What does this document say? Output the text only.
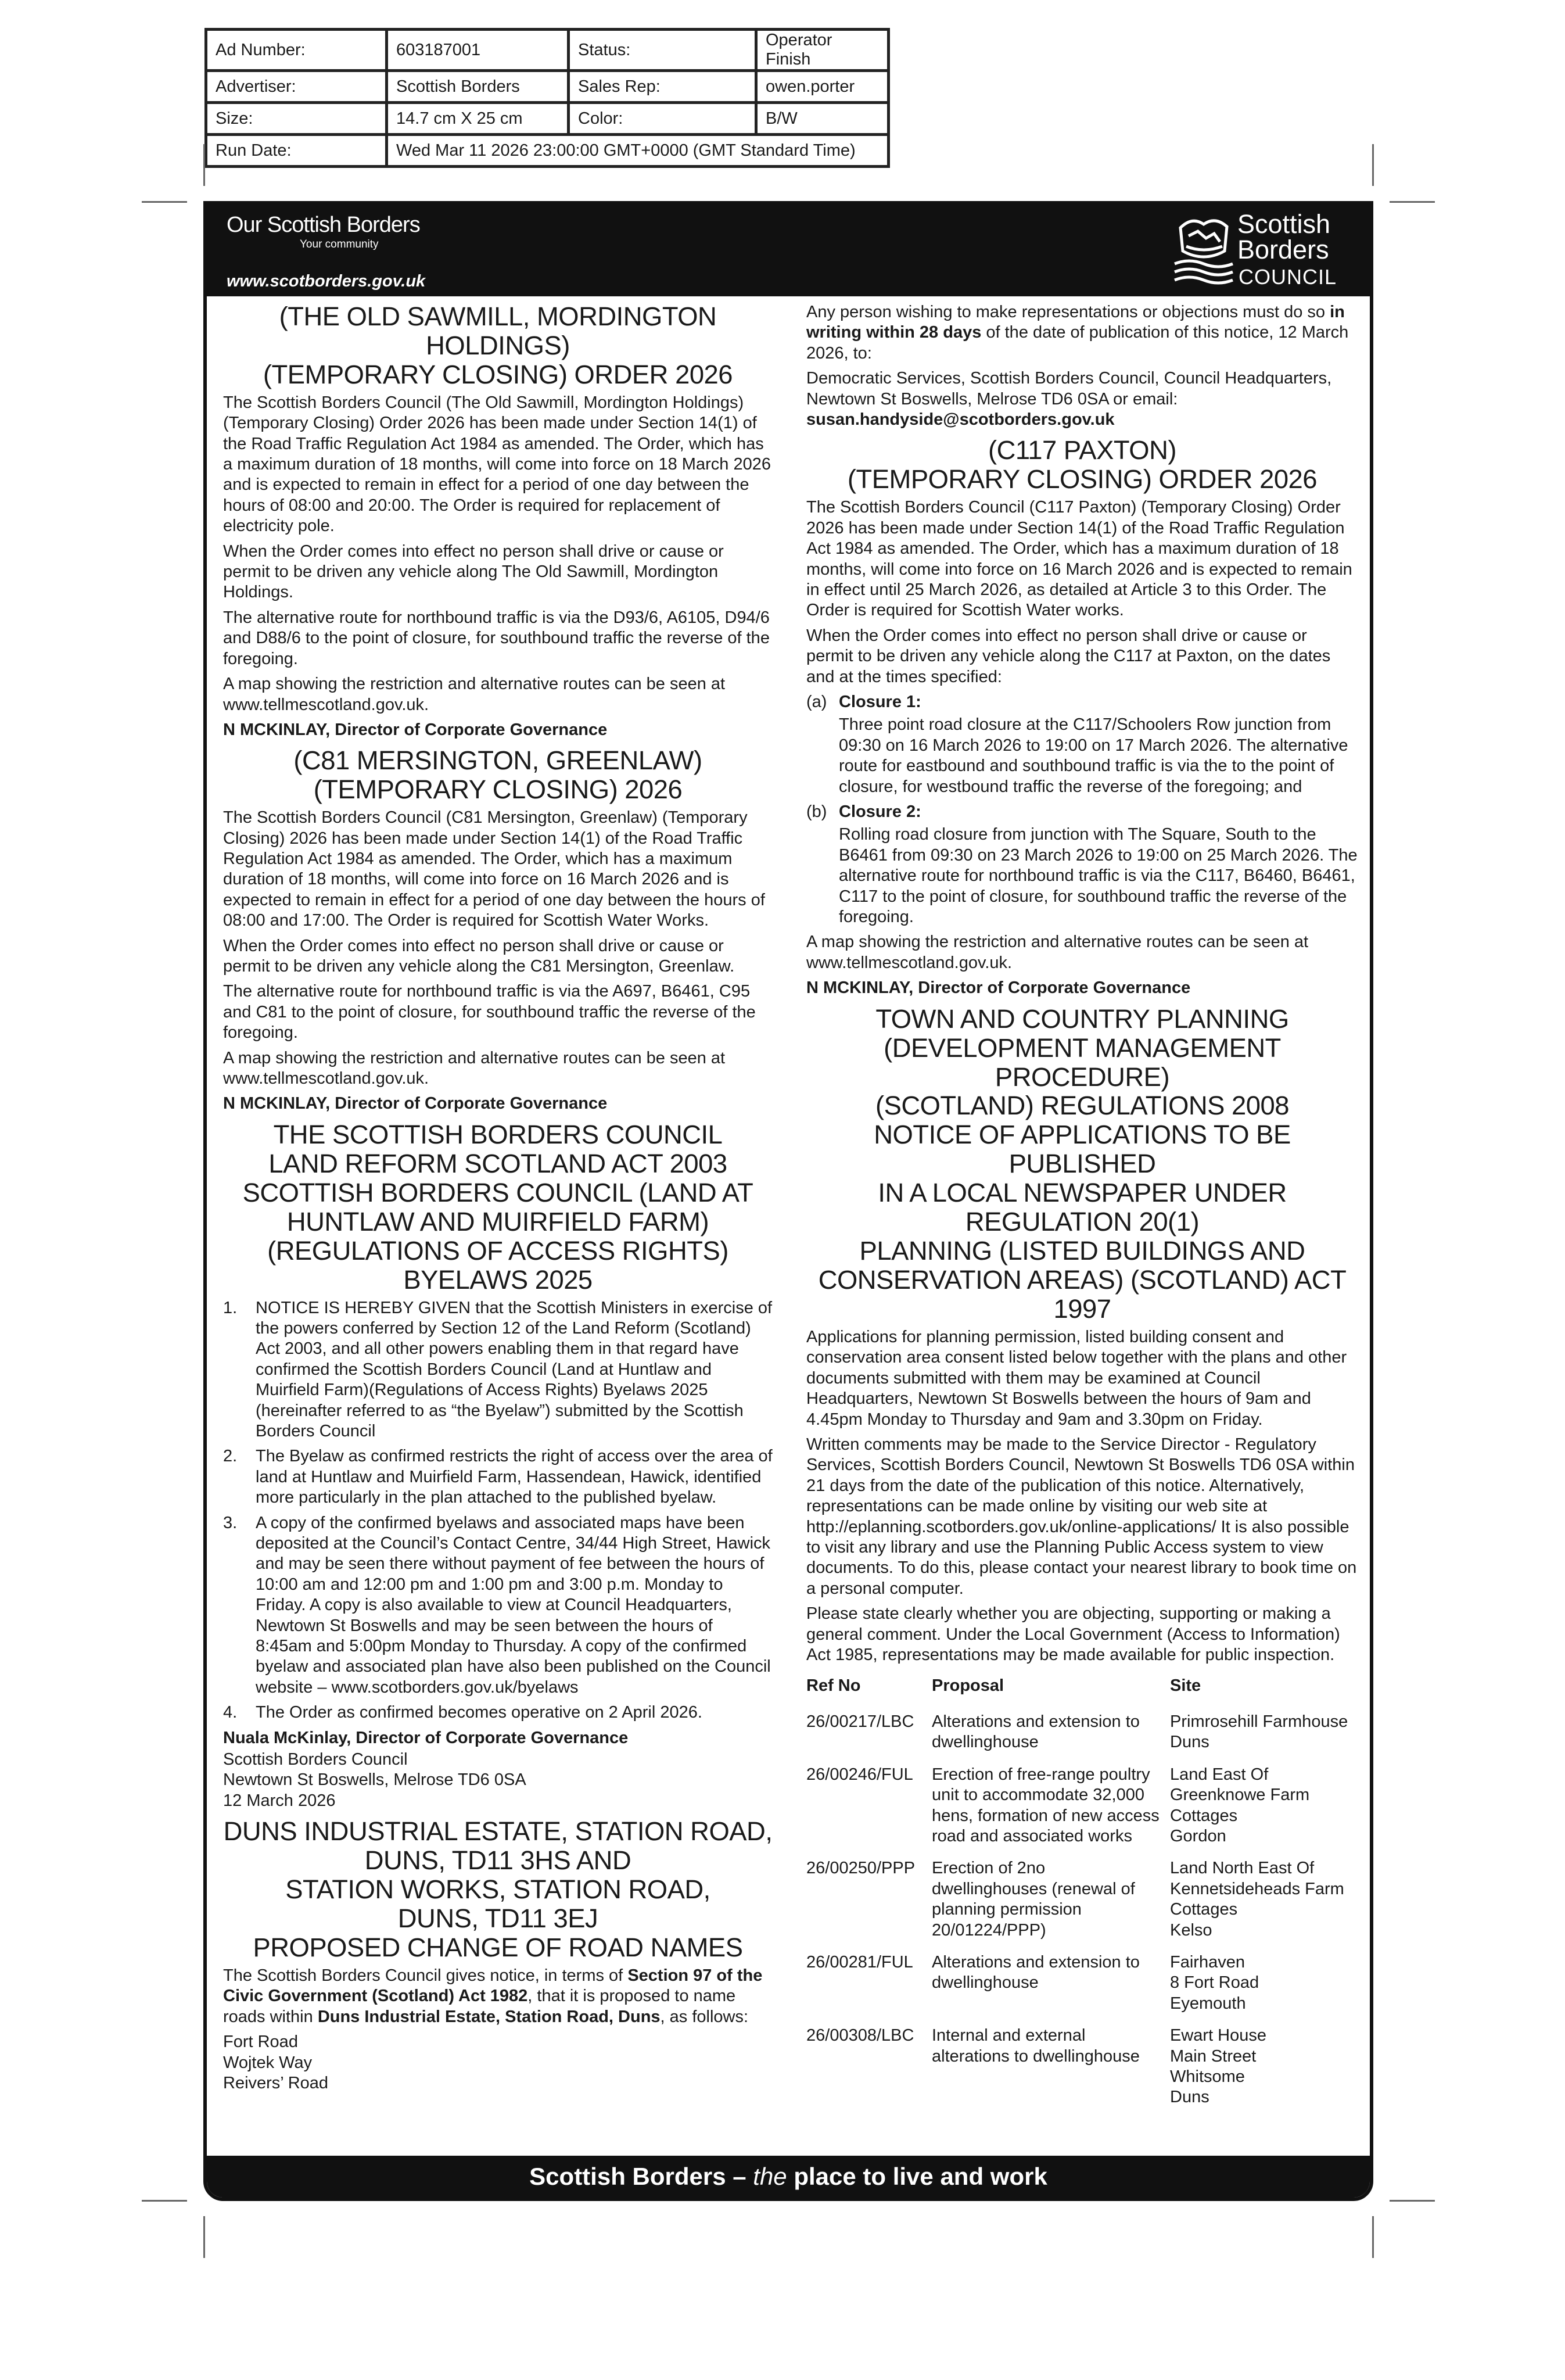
Ad Number:	603187001	Status:	Operator Finish
Advertiser:	Scottish Borders	Sales Rep:	owen.porter
Size:	14.7 cm X 25 cm	Color:	B/W
Run Date:	Wed Mar 11 2026 23:00:00 GMT+0000 (GMT Standard Time)		
Our Scottish Borders
Your community
www.scotborders.gov.uk
Scottish
Borders
COUNCIL
(THE OLD SAWMILL, MORDINGTON HOLDINGS)
(TEMPORARY CLOSING) ORDER 2026

The Scottish Borders Council (The Old Sawmill, Mordington Holdings) (Temporary Closing) Order 2026 has been made under Section 14(1) of the Road Traffic Regulation Act 1984 as amended. The Order, which has a maximum duration of 18 months, will come into force on 18 March 2026 and is expected to remain in effect for a period of one day between the hours of 08:00 and 20:00. The Order is required for replacement of electricity pole.

When the Order comes into effect no person shall drive or cause or permit to be driven any vehicle along The Old Sawmill, Mordington Holdings.

The alternative route for northbound traffic is via the D93/6, A6105, D94/6 and D88/6 to the point of closure, for southbound traffic the reverse of the foregoing.

A map showing the restriction and alternative routes can be seen at www.tellmescotland.gov.uk.

N MCKINLAY, Director of Corporate Governance

(C81 MERSINGTON, GREENLAW)
(TEMPORARY CLOSING) 2026

The Scottish Borders Council (C81 Mersington, Greenlaw) (Temporary Closing) 2026 has been made under Section 14(1) of the Road Traffic Regulation Act 1984 as amended. The Order, which has a maximum duration of 18 months, will come into force on 16 March 2026 and is expected to remain in effect for a period of one day between the hours of 08:00 and 17:00. The Order is required for Scottish Water Works.

When the Order comes into effect no person shall drive or cause or permit to be driven any vehicle along the C81 Mersington, Greenlaw.

The alternative route for northbound traffic is via the A697, B6461, C95 and C81 to the point of closure, for southbound traffic the reverse of the foregoing.

A map showing the restriction and alternative routes can be seen at www.tellmescotland.gov.uk.

N MCKINLAY, Director of Corporate Governance

THE SCOTTISH BORDERS COUNCIL
LAND REFORM SCOTLAND ACT 2003
SCOTTISH BORDERS COUNCIL (LAND AT
HUNTLAW AND MUIRFIELD FARM)
(REGULATIONS OF ACCESS RIGHTS)
BYELAWS 2025
1. NOTICE IS HEREBY GIVEN that the Scottish Ministers in exercise of the powers conferred by Section 12 of the Land Reform (Scotland) Act 2003, and all other powers enabling them in that regard have confirmed the Scottish Borders Council (Land at Huntlaw and Muirfield Farm)(Regulations of Access Rights) Byelaws 2025 (hereinafter referred to as “the Byelaw”) submitted by the Scottish Borders Council
2. The Byelaw as confirmed restricts the right of access over the area of land at Huntlaw and Muirfield Farm, Hassendean, Hawick, identified more particularly in the plan attached to the published byelaw.
3. A copy of the confirmed byelaws and associated maps have been deposited at the Council’s Contact Centre, 34/44 High Street, Hawick and may be seen there without payment of fee between the hours of 10:00 am and 12:00 pm and 1:00 pm and 3:00 p.m. Monday to Friday. A copy is also available to view at Council Headquarters, Newtown St Boswells and may be seen between the hours of 8:45am and 5:00pm Monday to Thursday. A copy of the confirmed byelaw and associated plan have also been published on the Council website – www.scotborders.gov.uk/byelaws
4. The Order as confirmed becomes operative on 2 April 2026.

Nuala McKinlay, Director of Corporate Governance

Scottish Borders Council

Newtown St Boswells, Melrose TD6 0SA

12 March 2026

DUNS INDUSTRIAL ESTATE, STATION ROAD,
DUNS, TD11 3HS AND
STATION WORKS, STATION ROAD,
DUNS, TD11 3EJ
PROPOSED CHANGE OF ROAD NAMES

The Scottish Borders Council gives notice, in terms of Section 97 of the Civic Government (Scotland) Act 1982, that it is proposed to name roads within Duns Industrial Estate, Station Road, Duns, as follows:

Fort Road

Wojtek Way

Reivers’ Road

Any person wishing to make representations or objections must do so in writing within 28 days of the date of publication of this notice, 12 March 2026, to:

Democratic Services, Scottish Borders Council, Council Headquarters, Newtown St Boswells, Melrose TD6 0SA or email: susan.handyside@scotborders.gov.uk

(C117 PAXTON)
(TEMPORARY CLOSING) ORDER 2026

The Scottish Borders Council (C117 Paxton) (Temporary Closing) Order 2026 has been made under Section 14(1) of the Road Traffic Regulation Act 1984 as amended. The Order, which has a maximum duration of 18 months, will come into force on 16 March 2026 and is expected to remain in effect until 25 March 2026, as detailed at Article 3 to this Order. The Order is required for Scottish Water works.

When the Order comes into effect no person shall drive or cause or permit to be driven any vehicle along the C117 at Paxton, on the dates and at the times specified:

(a) Closure 1:
Three point road closure at the C117/Schoolers Row junction from 09:30 on 16 March 2026 to 19:00 on 17 March 2026. The alternative route for eastbound and southbound traffic is via the to the point of closure, for westbound traffic the reverse of the foregoing; and
(b) Closure 2:
Rolling road closure from junction with The Square, South to the B6461 from 09:30 on 23 March 2026 to 19:00 on 25 March 2026. The alternative route for northbound traffic is via the C117, B6460, B6461, C117 to the point of closure, for southbound traffic the reverse of the foregoing.

A map showing the restriction and alternative routes can be seen at www.tellmescotland.gov.uk.

N MCKINLAY, Director of Corporate Governance

TOWN AND COUNTRY PLANNING
(DEVELOPMENT MANAGEMENT PROCEDURE)
(SCOTLAND) REGULATIONS 2008
NOTICE OF APPLICATIONS TO BE PUBLISHED
IN A LOCAL NEWSPAPER UNDER
REGULATION 20(1)
PLANNING (LISTED BUILDINGS AND
CONSERVATION AREAS) (SCOTLAND) ACT 1997

Applications for planning permission, listed building consent and conservation area consent listed below together with the plans and other documents submitted with them may be examined at Council Headquarters, Newtown St Boswells between the hours of 9am and 4.45pm Monday to Thursday and 9am and 3.30pm on Friday.

Written comments may be made to the Service Director - Regulatory Services, Scottish Borders Council, Newtown St Boswells TD6 0SA within 21 days from the date of the publication of this notice. Alternatively, representations can be made online by visiting our web site at http://eplanning.scotborders.gov.uk/online-applications/ It is also possible to visit any library and use the Planning Public Access system to view documents. To do this, please contact your nearest library to book time on a personal computer.

Please state clearly whether you are objecting, supporting or making a general comment. Under the Local Government (Access to Information) Act 1985, representations may be made available for public inspection.

Ref No	Proposal	Site
26/00217/LBC	Alterations and extension to dwellinghouse	Primrosehill Farmhouse
Duns

26/00246/FUL	Erection of free-range poultry unit to accommodate 32,000 hens, formation of new access road and associated works	Land East Of Greenknowe Farm Cottages
Gordon

26/00250/PPP	Erection of 2no dwellinghouses (renewal of planning permission 20/01224/PPP)	Land North East Of Kennetsideheads Farm Cottages
Kelso

26/00281/FUL	Alterations and extension to dwellinghouse	Fairhaven
8 Fort Road
Eyemouth

26/00308/LBC	Internal and external alterations to dwellinghouse	Ewart House
Main Street
Whitsome
Duns
Scottish Borders – the place to live and work
